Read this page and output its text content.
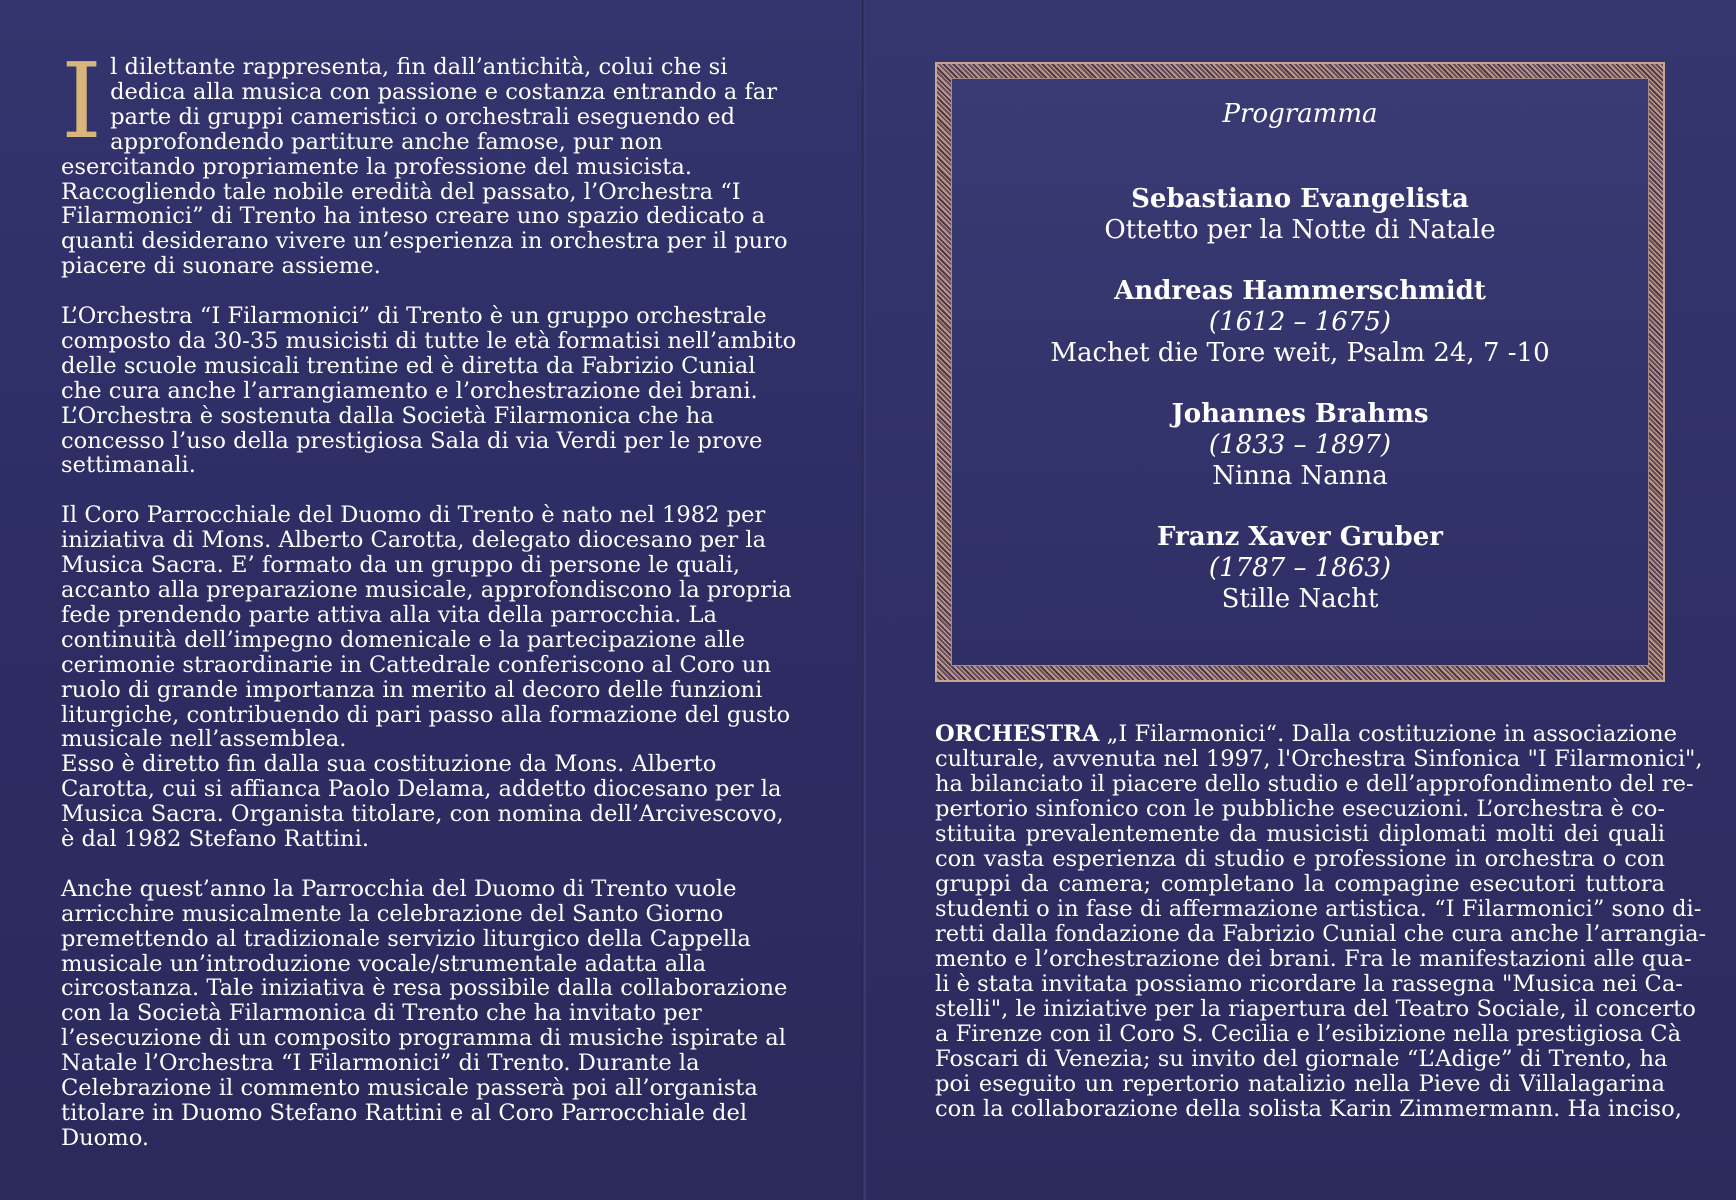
Il dilettante rappresenta, fin dall’antichità, colui che si dedica alla musica con passione e costanza entrando a far parte di gruppi cameristici o orchestrali eseguendo ed approfondendo partiture anche famose, pur non esercitando propriamente la professione del musicista. Raccogliendo tale nobile eredità del passato, l’Orchestra “I Filarmonici” di Trento ha inteso creare uno spazio dedicato a quanti desiderano vivere un’esperienza in orchestra per il puro piacere di suonare assieme.

L’Orchestra “I Filarmonici” di Trento è un gruppo orchestrale composto da 30-35 musicisti di tutte le età formatisi nell’ambito delle scuole musicali trentine ed è diretta da Fabrizio Cunial che cura anche l’arrangiamento e l’orchestrazione dei brani. L’Orchestra è sostenuta dalla Società Filarmonica che ha concesso l’uso della prestigiosa Sala di via Verdi per le prove settimanali.

Il Coro Parrocchiale del Duomo di Trento è nato nel 1982 per iniziativa di Mons. Alberto Carotta, delegato diocesano per la Musica Sacra. E’ formato da un gruppo di persone le quali, accanto alla preparazione musicale, approfondiscono la propria fede prendendo parte attiva alla vita della parrocchia. La continuità dell’impegno domenicale e la partecipazione alle cerimonie straordinarie in Cattedrale conferiscono al Coro un ruolo di grande importanza in merito al decoro delle funzioni liturgiche, contribuendo di pari passo alla formazione del gusto musicale nell’assemblea.

Esso è diretto fin dalla sua costituzione da Mons. Alberto Carotta, cui si affianca Paolo Delama, addetto diocesano per la Musica Sacra. Organista titolare, con nomina dell’Arcivescovo, è dal 1982 Stefano Rattini.

Anche quest’anno la Parrocchia del Duomo di Trento vuole arricchire musicalmente la celebrazione del Santo Giorno premettendo al tradizionale servizio liturgico della Cappella musicale un’introduzione vocale/strumentale adatta alla circostanza. Tale iniziativa è resa possibile dalla collaborazione con la Società Filarmonica di Trento che ha invitato per l’esecuzione di un composito programma di musiche ispirate al Natale l’Orchestra “I Filarmonici” di Trento. Durante la Celebrazione il commento musicale passerà poi all’organista titolare in Duomo Stefano Rattini e al Coro Parrocchiale del Duomo.

Programma
Sebastiano Evangelista
Ottetto per la Notte di Natale
Andreas Hammerschmidt
(1612 – 1675)
Machet die Tore weit, Psalm 24, 7 -10
Johannes Brahms
(1833 – 1897)
Ninna Nanna
Franz Xaver Gruber
(1787 – 1863)
Stille Nacht
ORCHESTRA „I Filarmonici“. Dalla costituzione in associazione
culturale, avvenuta nel 1997, l'Orchestra Sinfonica "I Filarmonici",
ha bilanciato il piacere dello studio e dell’approfondimento del re-
pertorio sinfonico con le pubbliche esecuzioni. L’orchestra è co-
stituita prevalentemente da musicisti diplomati molti dei quali
con vasta esperienza di studio e professione in orchestra o con
gruppi da camera; completano la compagine esecutori tuttora
studenti o in fase di affermazione artistica. “I Filarmonici” sono di-
retti dalla fondazione da Fabrizio Cunial che cura anche l’arrangia-
mento e l’orchestrazione dei brani. Fra le manifestazioni alle qua-
li è stata invitata possiamo ricordare la rassegna "Musica nei Ca-
stelli", le iniziative per la riapertura del Teatro Sociale, il concerto
a Firenze con il Coro S. Cecilia e l’esibizione nella prestigiosa Cà
Foscari di Venezia; su invito del giornale “L’Adige” di Trento, ha
poi eseguito un repertorio natalizio nella Pieve di Villalagarina
con la collaborazione della solista Karin Zimmermann. Ha inciso,
